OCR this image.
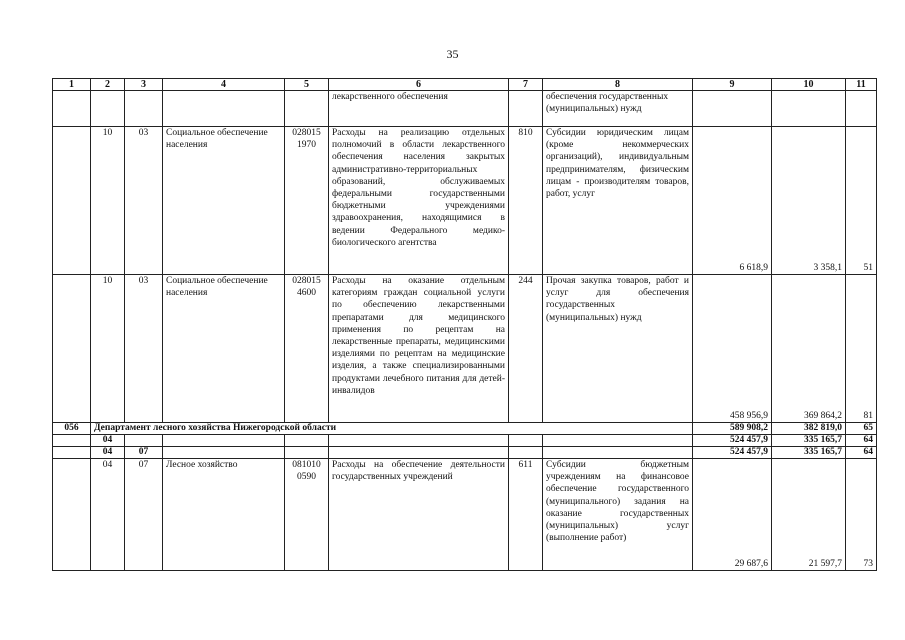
35
1	2	3	4	5	6	7	8	9	10	11
					лекарственного обеспечения		обеспечения государственных (муниципальных) нужд			
	10	03	Социальное обеспечение населения	028015 1970	Расходы на реализацию отдельных полномочий в области лекарственного обеспечения населения закрытых административно-территориальных образований, обслуживаемых федеральными государственными бюджетными учреждениями здравоохранения, находящимися в ведении Федерального медико-биологического агентства	810	Субсидии юридическим лицам (кроме некоммерческих организаций), индивидуальным предпринимателям, физическим лицам - производителям товаров, работ, услуг	6 618,9	3 358,1	51
	10	03	Социальное обеспечение населения	028015 4600	Расходы на оказание отдельным категориям граждан социальной услуги по обеспечению лекарственными препаратами для медицинского применения по рецептам на лекарственные препараты, медицинскими изделиями по рецептам на медицинские изделия, а также специализированными продуктами лечебного питания для детей-инвалидов	244	Прочая закупка товаров, работ и услуг для обеспечения государственных (муниципальных) нужд	458 956,9	369 864,2	81
056	Департамент лесного хозяйства Нижегородской области							589 908,2	382 819,0	65
	04							524 457,9	335 165,7	64
	04	07						524 457,9	335 165,7	64
	04	07	Лесное хозяйство	081010 0590	Расходы на обеспечение деятельности государственных учреждений	611	Субсидии бюджетным учреждениям на финансовое обеспечение государственного (муниципального) задания на оказание государственных (муниципальных) услуг (выполнение работ)	29 687,6	21 597,7	73
